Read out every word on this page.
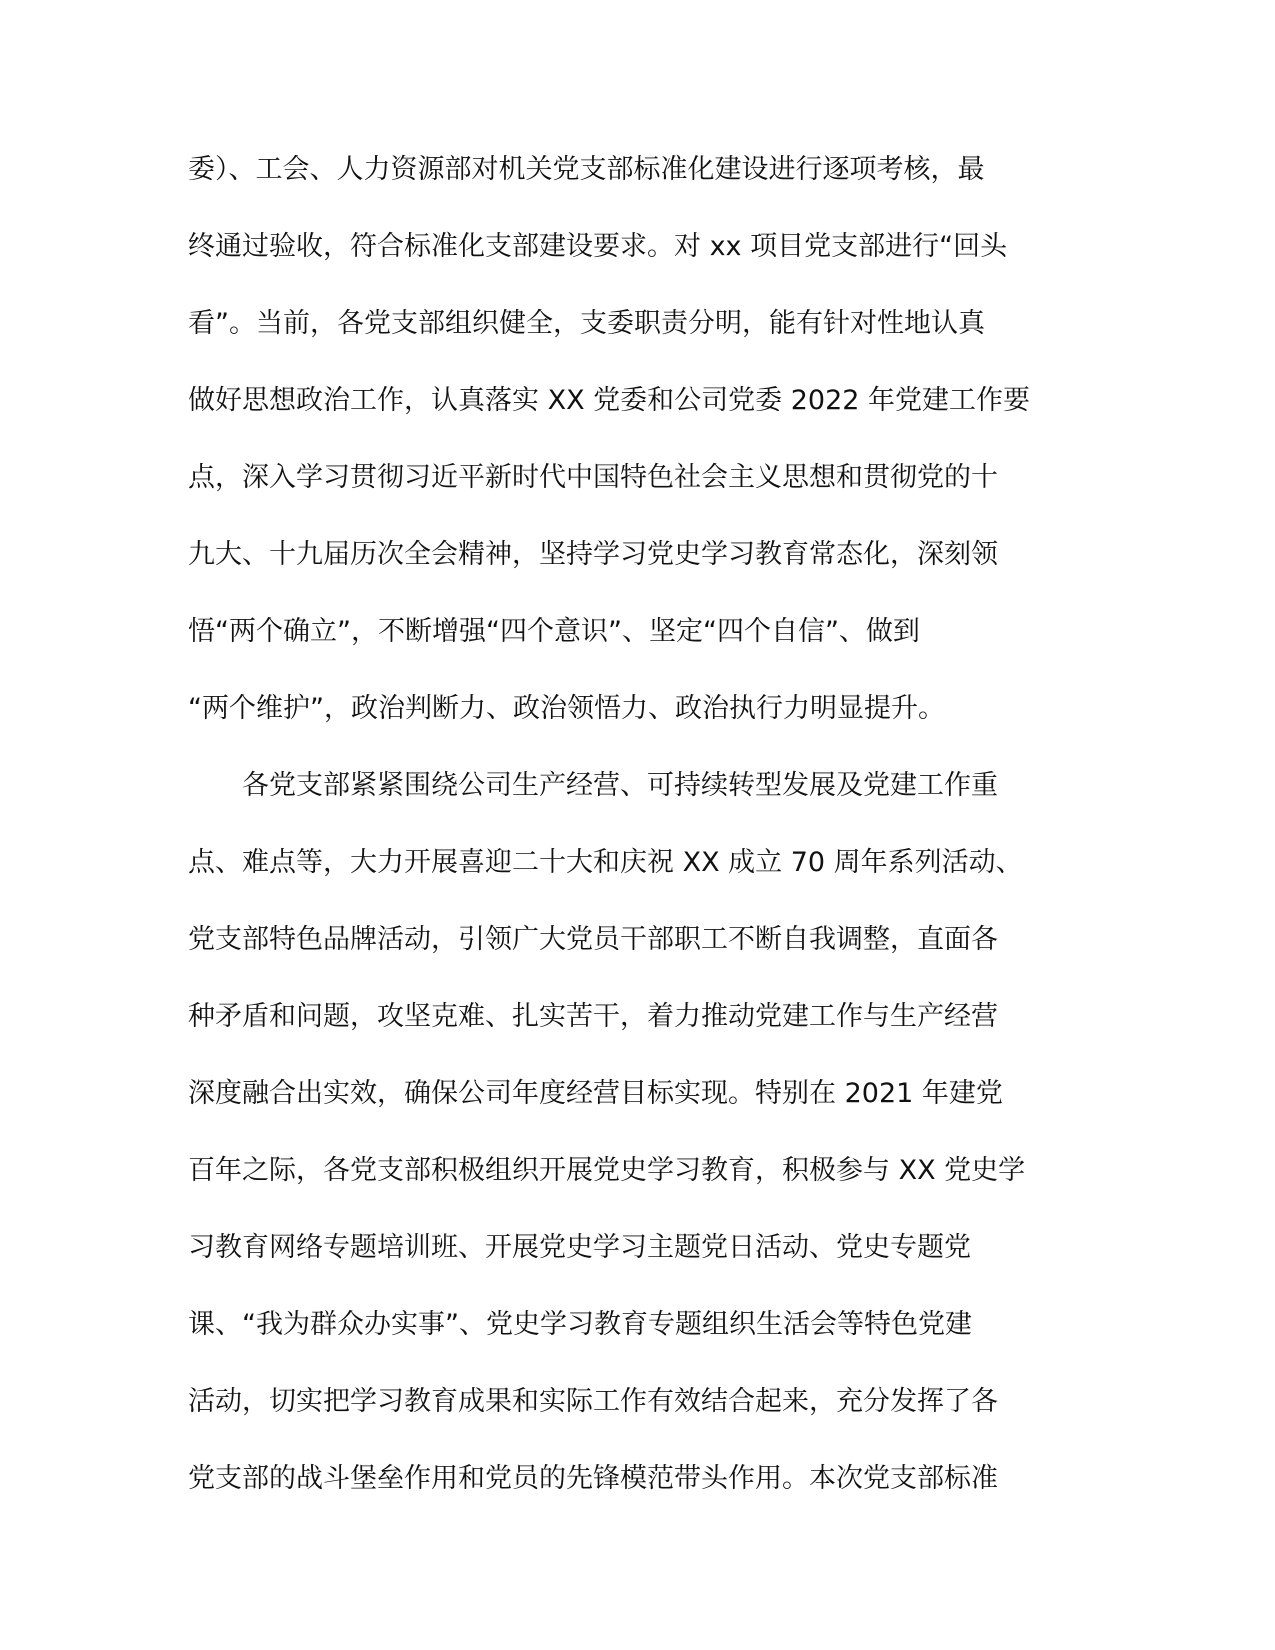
委）、工会、人力资源部对机关党支部标准化建设进行逐项考核，最
终通过验收，符合标准化支部建设要求。对 xx 项目党支部进行“回头
看”。当前，各党支部组织健全，支委职责分明，能有针对性地认真
做好思想政治工作，认真落实 XX 党委和公司党委 2022 年党建工作要
点，深入学习贯彻习近平新时代中国特色社会主义思想和贯彻党的十
九大、十九届历次全会精神，坚持学习党史学习教育常态化，深刻领
悟“两个确立”，不断增强“四个意识”、坚定“四个自信”、做到
“两个维护”，政治判断力、政治领悟力、政治执行力明显提升。
　　各党支部紧紧围绕公司生产经营、可持续转型发展及党建工作重
点、难点等，大力开展喜迎二十大和庆祝 XX 成立 70 周年系列活动、
党支部特色品牌活动，引领广大党员干部职工不断自我调整，直面各
种矛盾和问题，攻坚克难、扎实苦干，着力推动党建工作与生产经营
深度融合出实效，确保公司年度经营目标实现。特别在 2021 年建党
百年之际，各党支部积极组织开展党史学习教育，积极参与 XX 党史学
习教育网络专题培训班、开展党史学习主题党日活动、党史专题党
课、“我为群众办实事”、党史学习教育专题组织生活会等特色党建
活动，切实把学习教育成果和实际工作有效结合起来，充分发挥了各
党支部的战斗堡垒作用和党员的先锋模范带头作用。本次党支部标准
